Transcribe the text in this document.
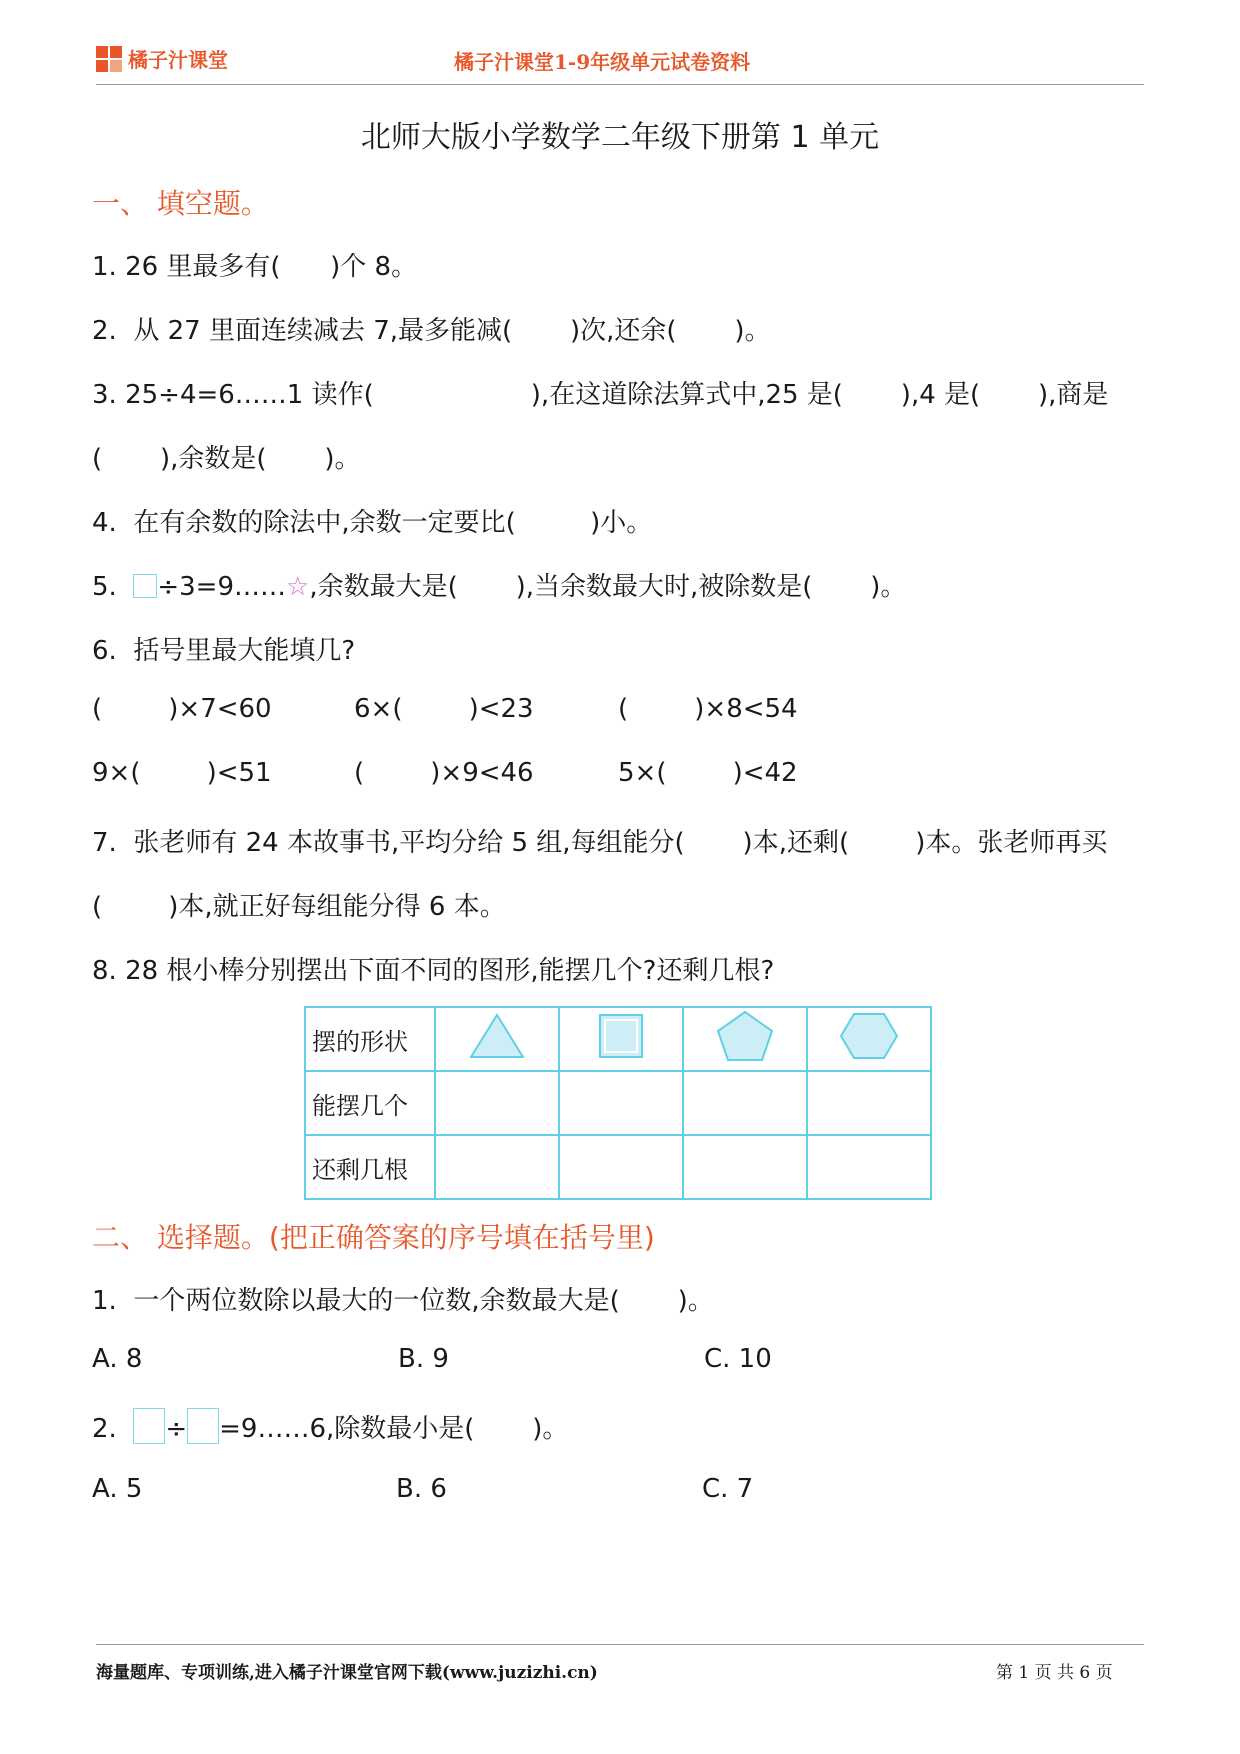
橘子汁课堂	橘子汁课堂1-9年级单元试卷资料
北师大版小学数学二年级下册第 1 单元
一、 填空题。
1. 26 里最多有(      )个 8。
2.  从 27 里面连续减去 7,最多能减(       )次,还余(       )。
3. 25÷4=6……1 读作(                   ),在这道除法算式中,25 是(       ),4 是(       ),商是
(       ),余数是(       )。
4.  在有余数的除法中,余数一定要比(         )小。
5. ÷3=9……☆,余数最大是(       ),当余数最大时,被除数是(       )。
6.  括号里最大能填几?
(        )×7<60	6×(        )<23	(        )×8<54
9×(        )<51	(        )×9<46	5×(        )<42
7.  张老师有 24 本故事书,平均分给 5 组,每组能分(       )本,还剩(        )本。张老师再买
(        )本,就正好每组能分得 6 本。
8. 28 根小棒分别摆出下面不同的图形,能摆几个?还剩几根?
摆的形状				
能摆几个				
还剩几根				
二、 选择题。(把正确答案的序号填在括号里)
1.  一个两位数除以最大的一位数,余数最大是(       )。
A. 8	B. 9	C. 10
2. ÷ =9……6,除数最小是(       )。
A. 5	B. 6	C. 7
海量题库、专项训练,进入橘子汁课堂官网下载(www.juzizhi.cn)	第 1 页 共 6 页
